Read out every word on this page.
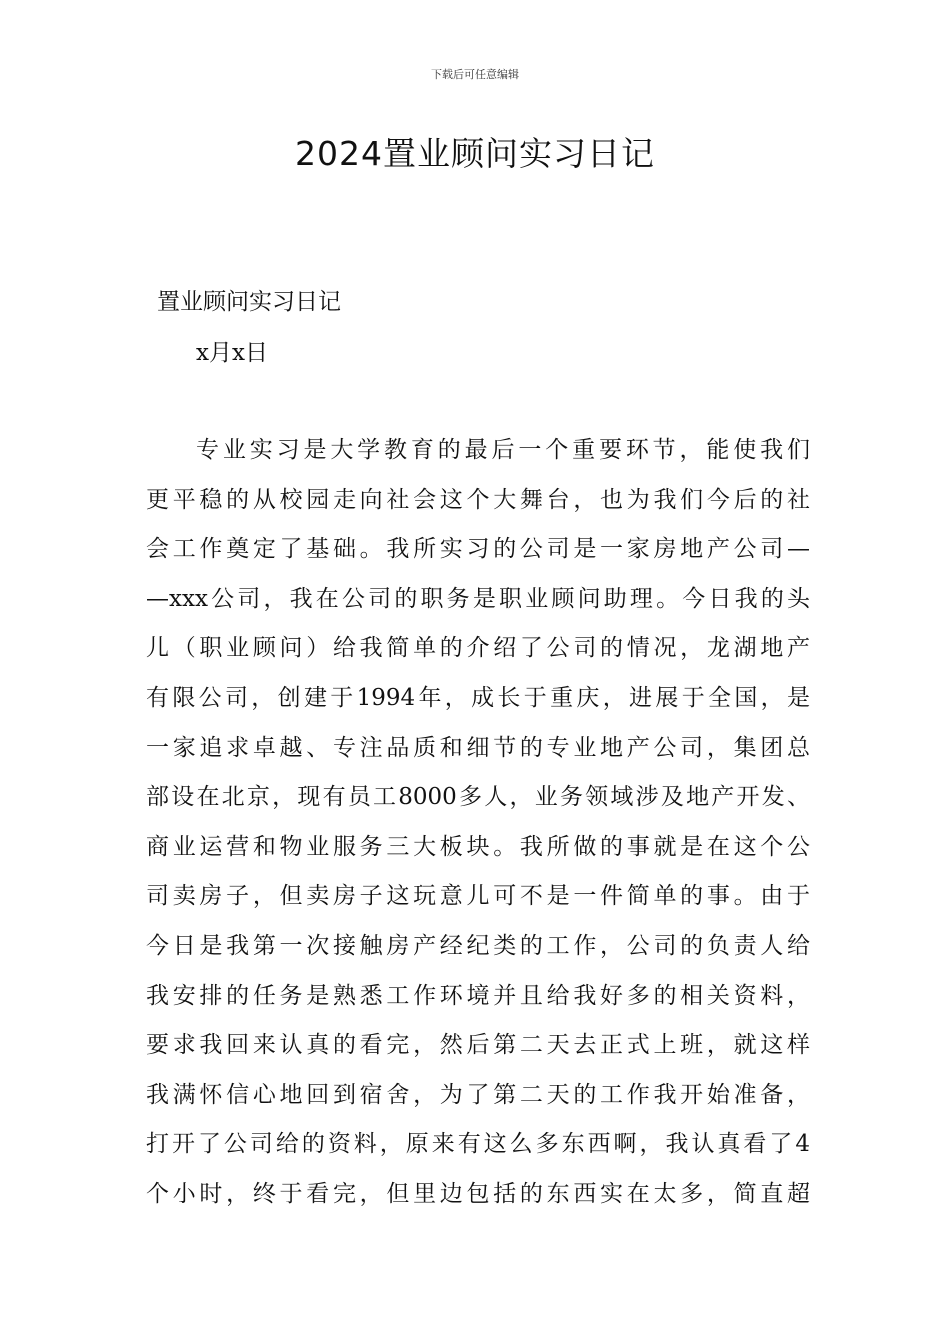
下载后可任意编辑
2024置业顾问实习日记
置业顾问实习日记
x月x日

专业实习是大学教育的最后一个重要环节，能使我们
更平稳的从校园走向社会这个大舞台，也为我们今后的社
会工作奠定了基础。我所实习的公司是一家房地产公司—
—xxx公司，我在公司的职务是职业顾问助理。今日我的头
儿（职业顾问）给我简单的介绍了公司的情况，龙湖地产
有限公司，创建于1994年，成长于重庆，进展于全国，是
一家追求卓越、专注品质和细节的专业地产公司，集团总
部设在北京，现有员工8000多人，业务领域涉及地产开发、
商业运营和物业服务三大板块。我所做的事就是在这个公
司卖房子，但卖房子这玩意儿可不是一件简单的事。由于
今日是我第一次接触房产经纪类的工作，公司的负责人给
我安排的任务是熟悉工作环境并且给我好多的相关资料，
要求我回来认真的看完，然后第二天去正式上班，就这样
我满怀信心地回到宿舍，为了第二天的工作我开始准备，
打开了公司给的资料，原来有这么多东西啊，我认真看了4
个小时，终于看完，但里边包括的东西实在太多，简直超
